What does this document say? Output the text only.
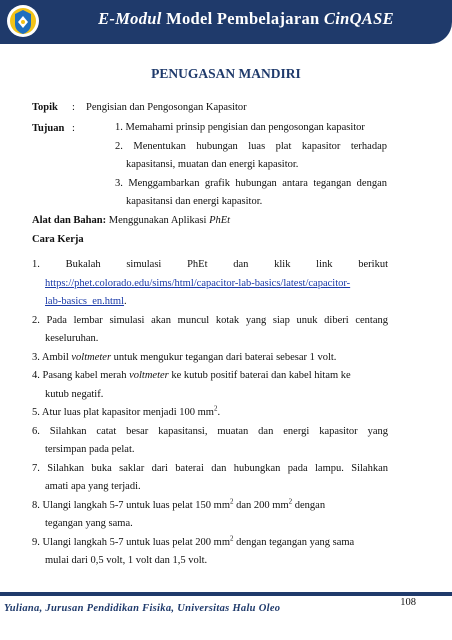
E-Modul Model Pembelajaran CinQASE
PENUGASAN MANDIRI
Topik : Pengisian dan Pengosongan Kapasitor
Tujuan :	1. Memahami prinsip pengisian dan pengosongan kapasitor
2. Menentukan hubungan luas plat kapasitor terhadap
kapasitansi, muatan dan energi kapasitor.
3. Menggambarkan grafik hubungan antara tegangan dengan
kapasitansi dan energi kapasitor.
Alat dan Bahan: Menggunakan Aplikasi PhEt
Cara Kerja
1. Bukalah simulasi PhEt dan klik link berikut
https://phet.colorado.edu/sims/html/capacitor-lab-basics/latest/capacitor-
lab-basics_en.html.
2. Pada lembar simulasi akan muncul kotak yang siap unuk diberi centang
keseluruhan.
3. Ambil voltmeter untuk mengukur tegangan dari baterai sebesar 1 volt.
4. Pasang kabel merah voltmeter ke kutub positif baterai dan kabel hitam ke
kutub negatif.
5. Atur luas plat kapasitor menjadi 100 $mm^2$.
6. Silahkan catat besar kapasitansi, muatan dan energi kapasitor yang
tersimpan pada pelat.
7. Silahkan buka saklar dari baterai dan hubungkan pada lampu. Silahkan
amati apa yang terjadi.
8. Ulangi langkah 5-7 untuk luas pelat 150 $mm^2$ dan 200 $mm^2$ dengan
tegangan yang sama.
9. Ulangi langkah 5-7 untuk luas pelat 200 $mm^2$ dengan tegangan yang sama
mulai dari 0,5 volt, 1 volt dan 1,5 volt.
108
Yuliana, Jurusan Pendidikan Fisika, Universitas Halu Oleo
